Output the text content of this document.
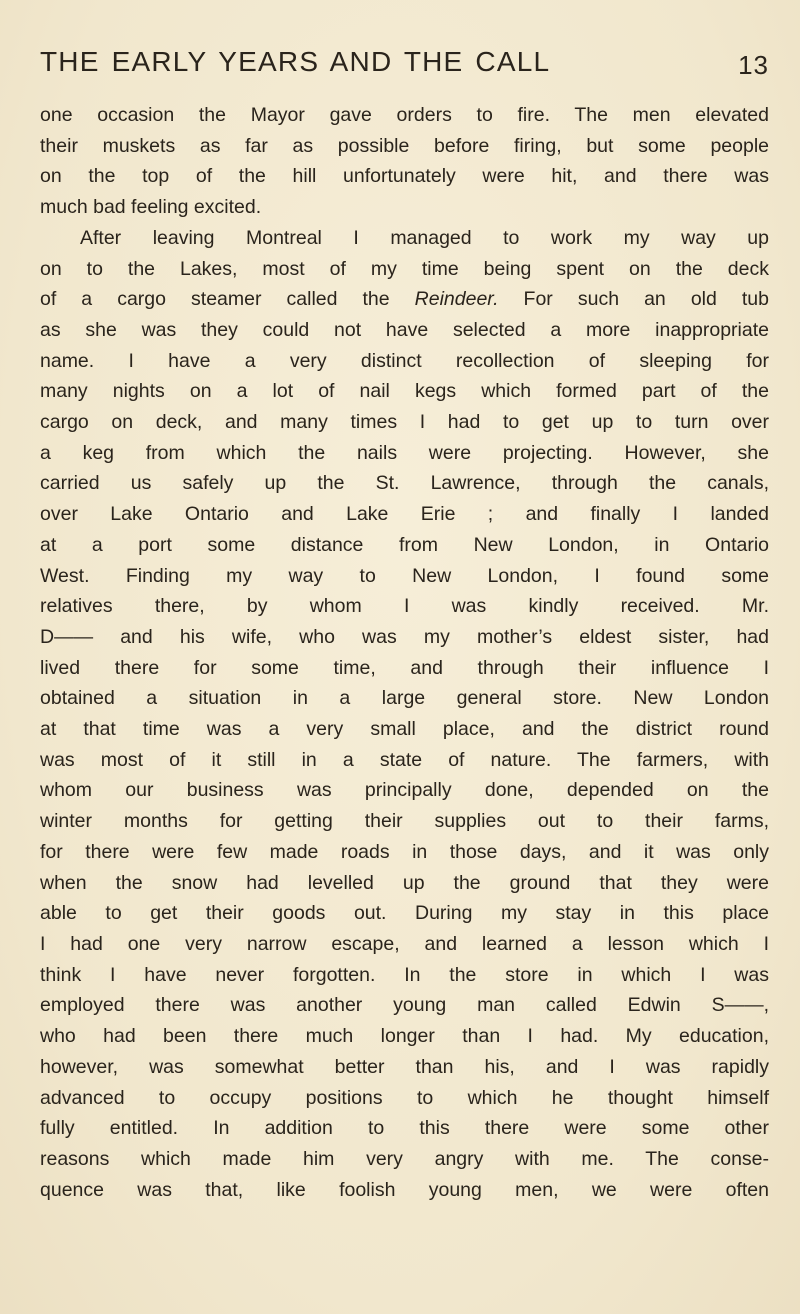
THE EARLY YEARS AND THE CALL	13
one occasion the Mayor gave orders to fire. The men elevated
their muskets as far as possible before firing, but some people
on the top of the hill unfortunately were hit, and there was
much bad feeling excited.
After leaving Montreal I managed to work my way up
on to the Lakes, most of my time being spent on the deck
of a cargo steamer called the Reindeer. For such an old tub
as she was they could not have selected a more inappropriate
name. I have a very distinct recollection of sleeping for
many nights on a lot of nail kegs which formed part of the
cargo on deck, and many times I had to get up to turn over
a keg from which the nails were projecting. However, she
carried us safely up the St. Lawrence, through the canals,
over Lake Ontario and Lake Erie ; and finally I landed
at a port some distance from New London, in Ontario
West. Finding my way to New London, I found some
relatives there, by whom I was kindly received. Mr.
D—— and his wife, who was my mother’s eldest sister, had
lived there for some time, and through their influence I
obtained a situation in a large general store. New London
at that time was a very small place, and the district round
was most of it still in a state of nature. The farmers, with
whom our business was principally done, depended on the
winter months for getting their supplies out to their farms,
for there were few made roads in those days, and it was only
when the snow had levelled up the ground that they were
able to get their goods out. During my stay in this place
I had one very narrow escape, and learned a lesson which I
think I have never forgotten. In the store in which I was
employed there was another young man called Edwin S——,
who had been there much longer than I had. My education,
however, was somewhat better than his, and I was rapidly
advanced to occupy positions to which he thought himself
fully entitled. In addition to this there were some other
reasons which made him very angry with me. The conse-
quence was that, like foolish young men, we were often
